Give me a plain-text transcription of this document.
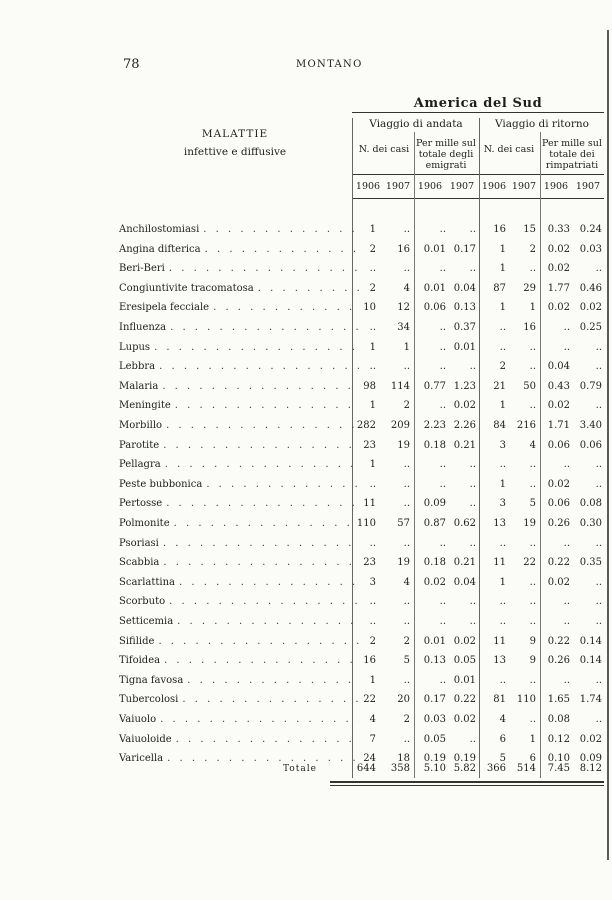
78	MONTANO
America del Sud
Viaggio di andata	Viaggio di ritorno
MALATTIE
infettive e diffusive	N. dei casi
Per mille sul
totale degli
emigrati
N. dei casi
Per mille sul
totale dei
rimpatriati
1906 1907 1906 1907 1906 1907 1906 1907
Anchilostomiasi . . .	1	..	..	..	16	15	0.33 0.24
Angina difterica . . .	2	16	0.01 0.17	1	2	0.02 0.03
Beri-Beri . . .	..	..	..	..	1	..	0.02	..
Congiuntivite tracomatosa . . .	2	4	0.01 0.04	87	29	1.77 0.46
Eresipela fecciale . . .	10	12	0.06 0.13	1	1	0.02 0.02
Influenza . . .	..	34	.. 0.37	..	16	.. 0.25
Lupus . . .	1	1	.. 0.01	..	..	..	..
Lebbra . . .	..	..	..	..	2	..	0.04	..
Malaria . . .	98	114	0.77 1.23	21	50	0.43 0.79
Meningite . . .	1	2	.. 0.02	1	..	0.02	..
Morbillo . . .	282	209	2.23 2.26	84	216	1.71 3.40
Parotite . . .	23	19	0.18 0.21	3	4	0.06 0.06
Pellagra . . .	1	..	..	..	..	..	..	..
Peste bubbonica . . .	..	..	..	..	1	..	0.02	..
Pertosse . . .	11	..	0.09	..	3	5	0.06 0.08
Polmonite . . .	110	57	0.87 0.62	13	19	0.26 0.30
Psoriasi . . .	..	..	..	..	..	..	..	..
Scabbia . . .	23	19	0.18 0.21	11	22	0.22 0.35
Scarlattina . . .	3	4	0.02 0.04	1	..	0.02	..
Scorbuto . . .	..	..	..	..	..	..	..	..
Setticemia . . .	..	..	..	..	..	..	..	..
Sifilide . . .	2	2	0.01 0.02	11	9	0.22 0.14
Tifoidea . . .	16	5	0.13 0.05	13	9	0.26 0.14
Tigna favosa . . .	1	..	.. 0.01	..	..	..	..
Tubercolosi . . .	22	20	0.17 0.22	81	110	1.65 1.74
Vaiuolo . . .	4	2	0.03 0.02	4	..	0.08	..
Vaiuoloide . . .	7	..	0.05	..	6	1	0.12 0.02
Varicella . . .	24	18	0.19 0.19	5	6	0.10 0.09
Totale	644	358	5.10 5.82	366	514	7.45 8.12
